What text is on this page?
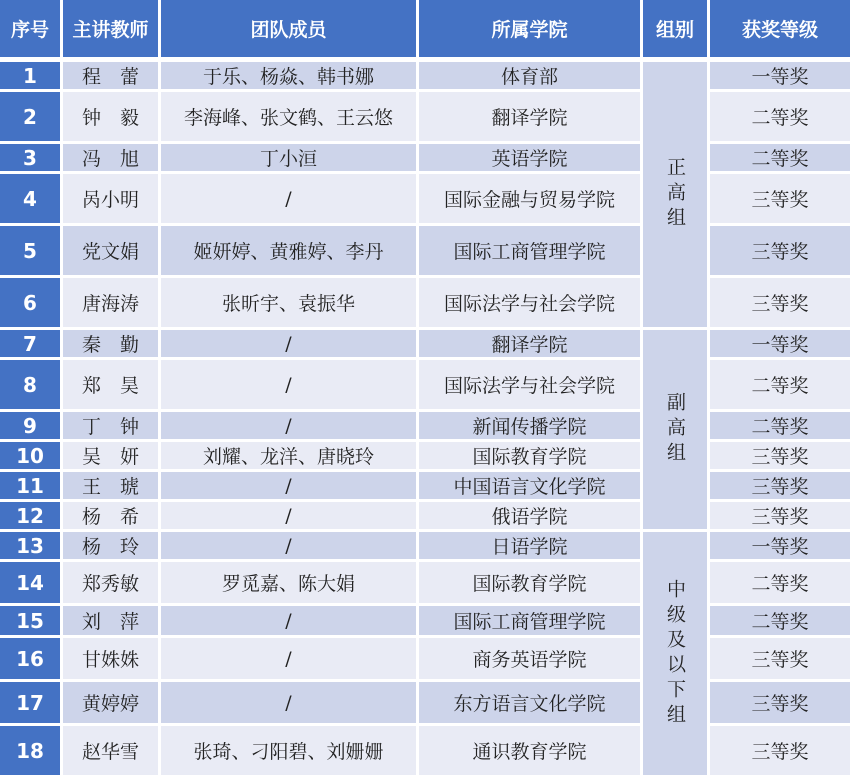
序号	主讲教师	团队成员	所属学院	组别	获奖等级
1	程　蕾	于乐、杨焱、韩书娜	体育部	正高组	一等奖
2	钟　毅	李海峰、张文鹤、王云悠	翻译学院		二等奖
3	冯　旭	丁小洹	英语学院		二等奖
4	呙小明	/	国际金融与贸易学院		三等奖
5	党文娟	姬妍婷、黄雅婷、李丹	国际工商管理学院		三等奖
6	唐海涛	张昕宇、袁振华	国际法学与社会学院		三等奖
7	秦　勤	/	翻译学院	副高组	一等奖
8	郑　昊	/	国际法学与社会学院		二等奖
9	丁　钟	/	新闻传播学院		二等奖
10	吴　妍	刘耀、龙洋、唐晓玲	国际教育学院		三等奖
11	王　琥	/	中国语言文化学院		三等奖
12	杨　希	/	俄语学院		三等奖
13	杨　玲	/	日语学院	中级及以下组	一等奖
14	郑秀敏	罗觅嘉、陈大娟	国际教育学院		二等奖
15	刘　萍	/	国际工商管理学院		二等奖
16	甘姝姝	/	商务英语学院		三等奖
17	黄婷婷	/	东方语言文化学院		三等奖
18	赵华雪	张琦、刁阳碧、刘姗姗	通识教育学院		三等奖
